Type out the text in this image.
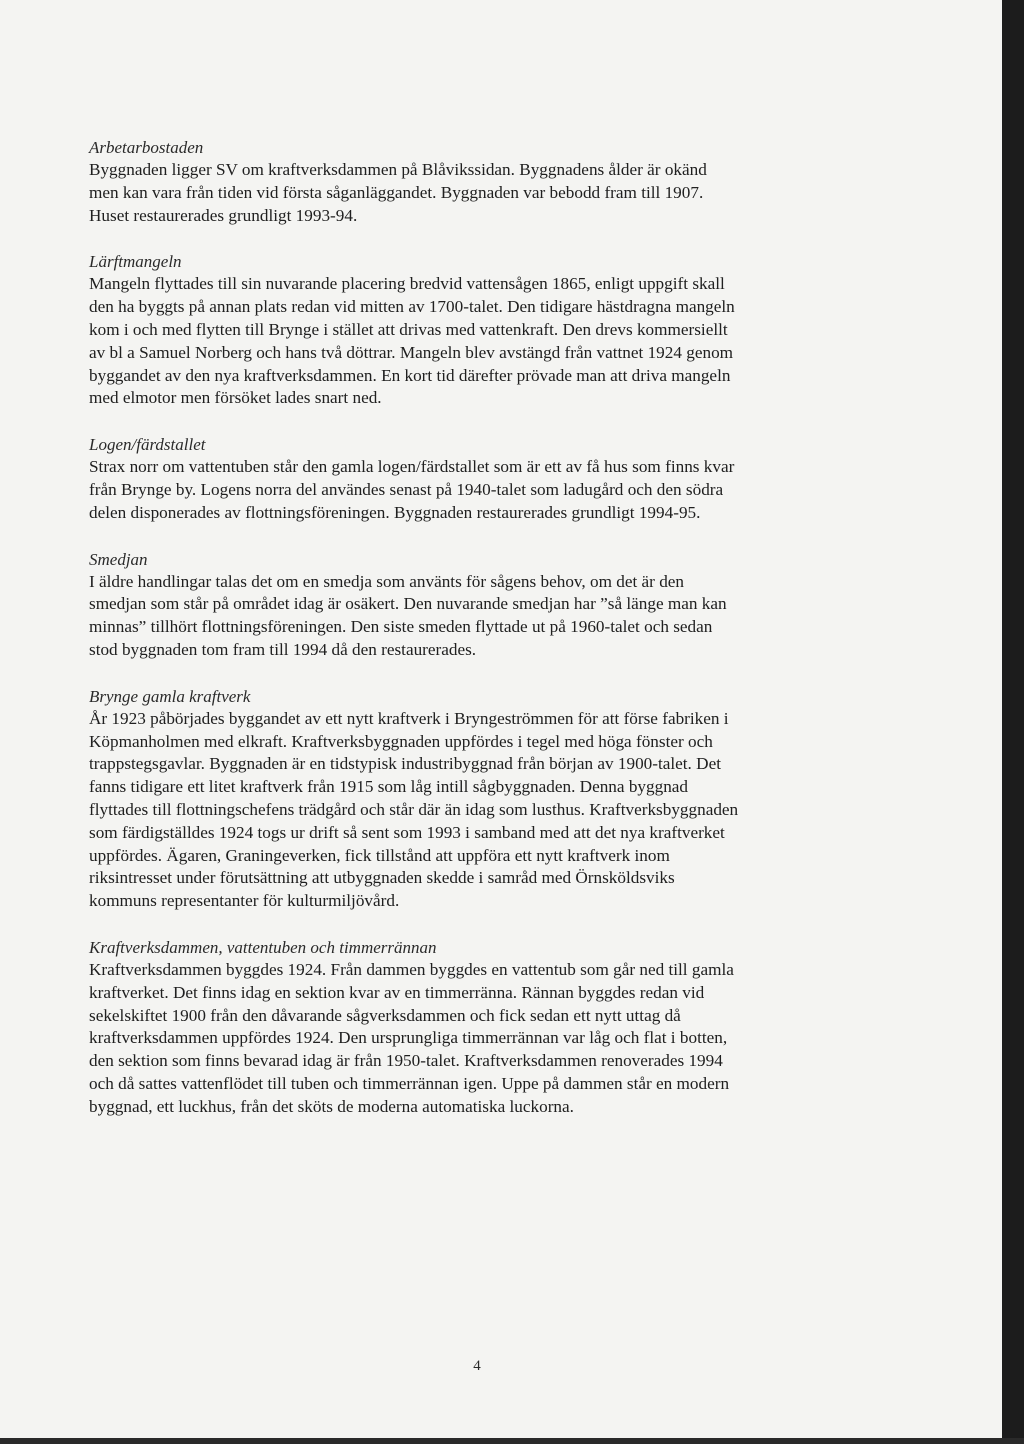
Arbetarbostaden
Byggnaden ligger SV om kraftverksdammen på Blåvikssidan. Byggnadens ålder är okänd
men kan vara från tiden vid första såganläggandet. Byggnaden var bebodd fram till 1907.
Huset restaurerades grundligt 1993-94.
Lärftmangeln
Mangeln flyttades till sin nuvarande placering bredvid vattensågen 1865, enligt uppgift skall
den ha byggts på annan plats redan vid mitten av 1700-talet. Den tidigare hästdragna mangeln
kom i och med flytten till Brynge i stället att drivas med vattenkraft. Den drevs kommersiellt
av bl a Samuel Norberg och hans två döttrar. Mangeln blev avstängd från vattnet 1924 genom
byggandet av den nya kraftverksdammen. En kort tid därefter prövade man att driva mangeln
med elmotor men försöket lades snart ned.
Logen/färdstallet
Strax norr om vattentuben står den gamla logen/färdstallet som är ett av få hus som finns kvar
från Brynge by. Logens norra del användes senast på 1940-talet som ladugård och den södra
delen disponerades av flottningsföreningen. Byggnaden restaurerades grundligt 1994-95.
Smedjan
I äldre handlingar talas det om en smedja som använts för sågens behov, om det är den
smedjan som står på området idag är osäkert. Den nuvarande smedjan har ”så länge man kan
minnas” tillhört flottningsföreningen. Den siste smeden flyttade ut på 1960-talet och sedan
stod byggnaden tom fram till 1994 då den restaurerades.
Brynge gamla kraftverk
År 1923 påbörjades byggandet av ett nytt kraftverk i Bryngeströmmen för att förse fabriken i
Köpmanholmen med elkraft. Kraftverksbyggnaden uppfördes i tegel med höga fönster och
trappstegsgavlar. Byggnaden är en tidstypisk industribyggnad från början av 1900-talet. Det
fanns tidigare ett litet kraftverk från 1915 som låg intill sågbyggnaden. Denna byggnad
flyttades till flottningschefens trädgård och står där än idag som lusthus. Kraftverksbyggnaden
som färdigställdes 1924 togs ur drift så sent som 1993 i samband med att det nya kraftverket
uppfördes. Ägaren, Graningeverken, fick tillstånd att uppföra ett nytt kraftverk inom
riksintresset under förutsättning att utbyggnaden skedde i samråd med Örnsköldsviks
kommuns representanter för kulturmiljövård.
Kraftverksdammen, vattentuben och timmerrännan
Kraftverksdammen byggdes 1924. Från dammen byggdes en vattentub som går ned till gamla
kraftverket. Det finns idag en sektion kvar av en timmerränna. Rännan byggdes redan vid
sekelskiftet 1900 från den dåvarande sågverksdammen och fick sedan ett nytt uttag då
kraftverksdammen uppfördes 1924. Den ursprungliga timmerrännan var låg och flat i botten,
den sektion som finns bevarad idag är från 1950-talet. Kraftverksdammen renoverades 1994
och då sattes vattenflödet till tuben och timmerrännan igen. Uppe på dammen står en modern
byggnad, ett luckhus, från det sköts de moderna automatiska luckorna.
4
